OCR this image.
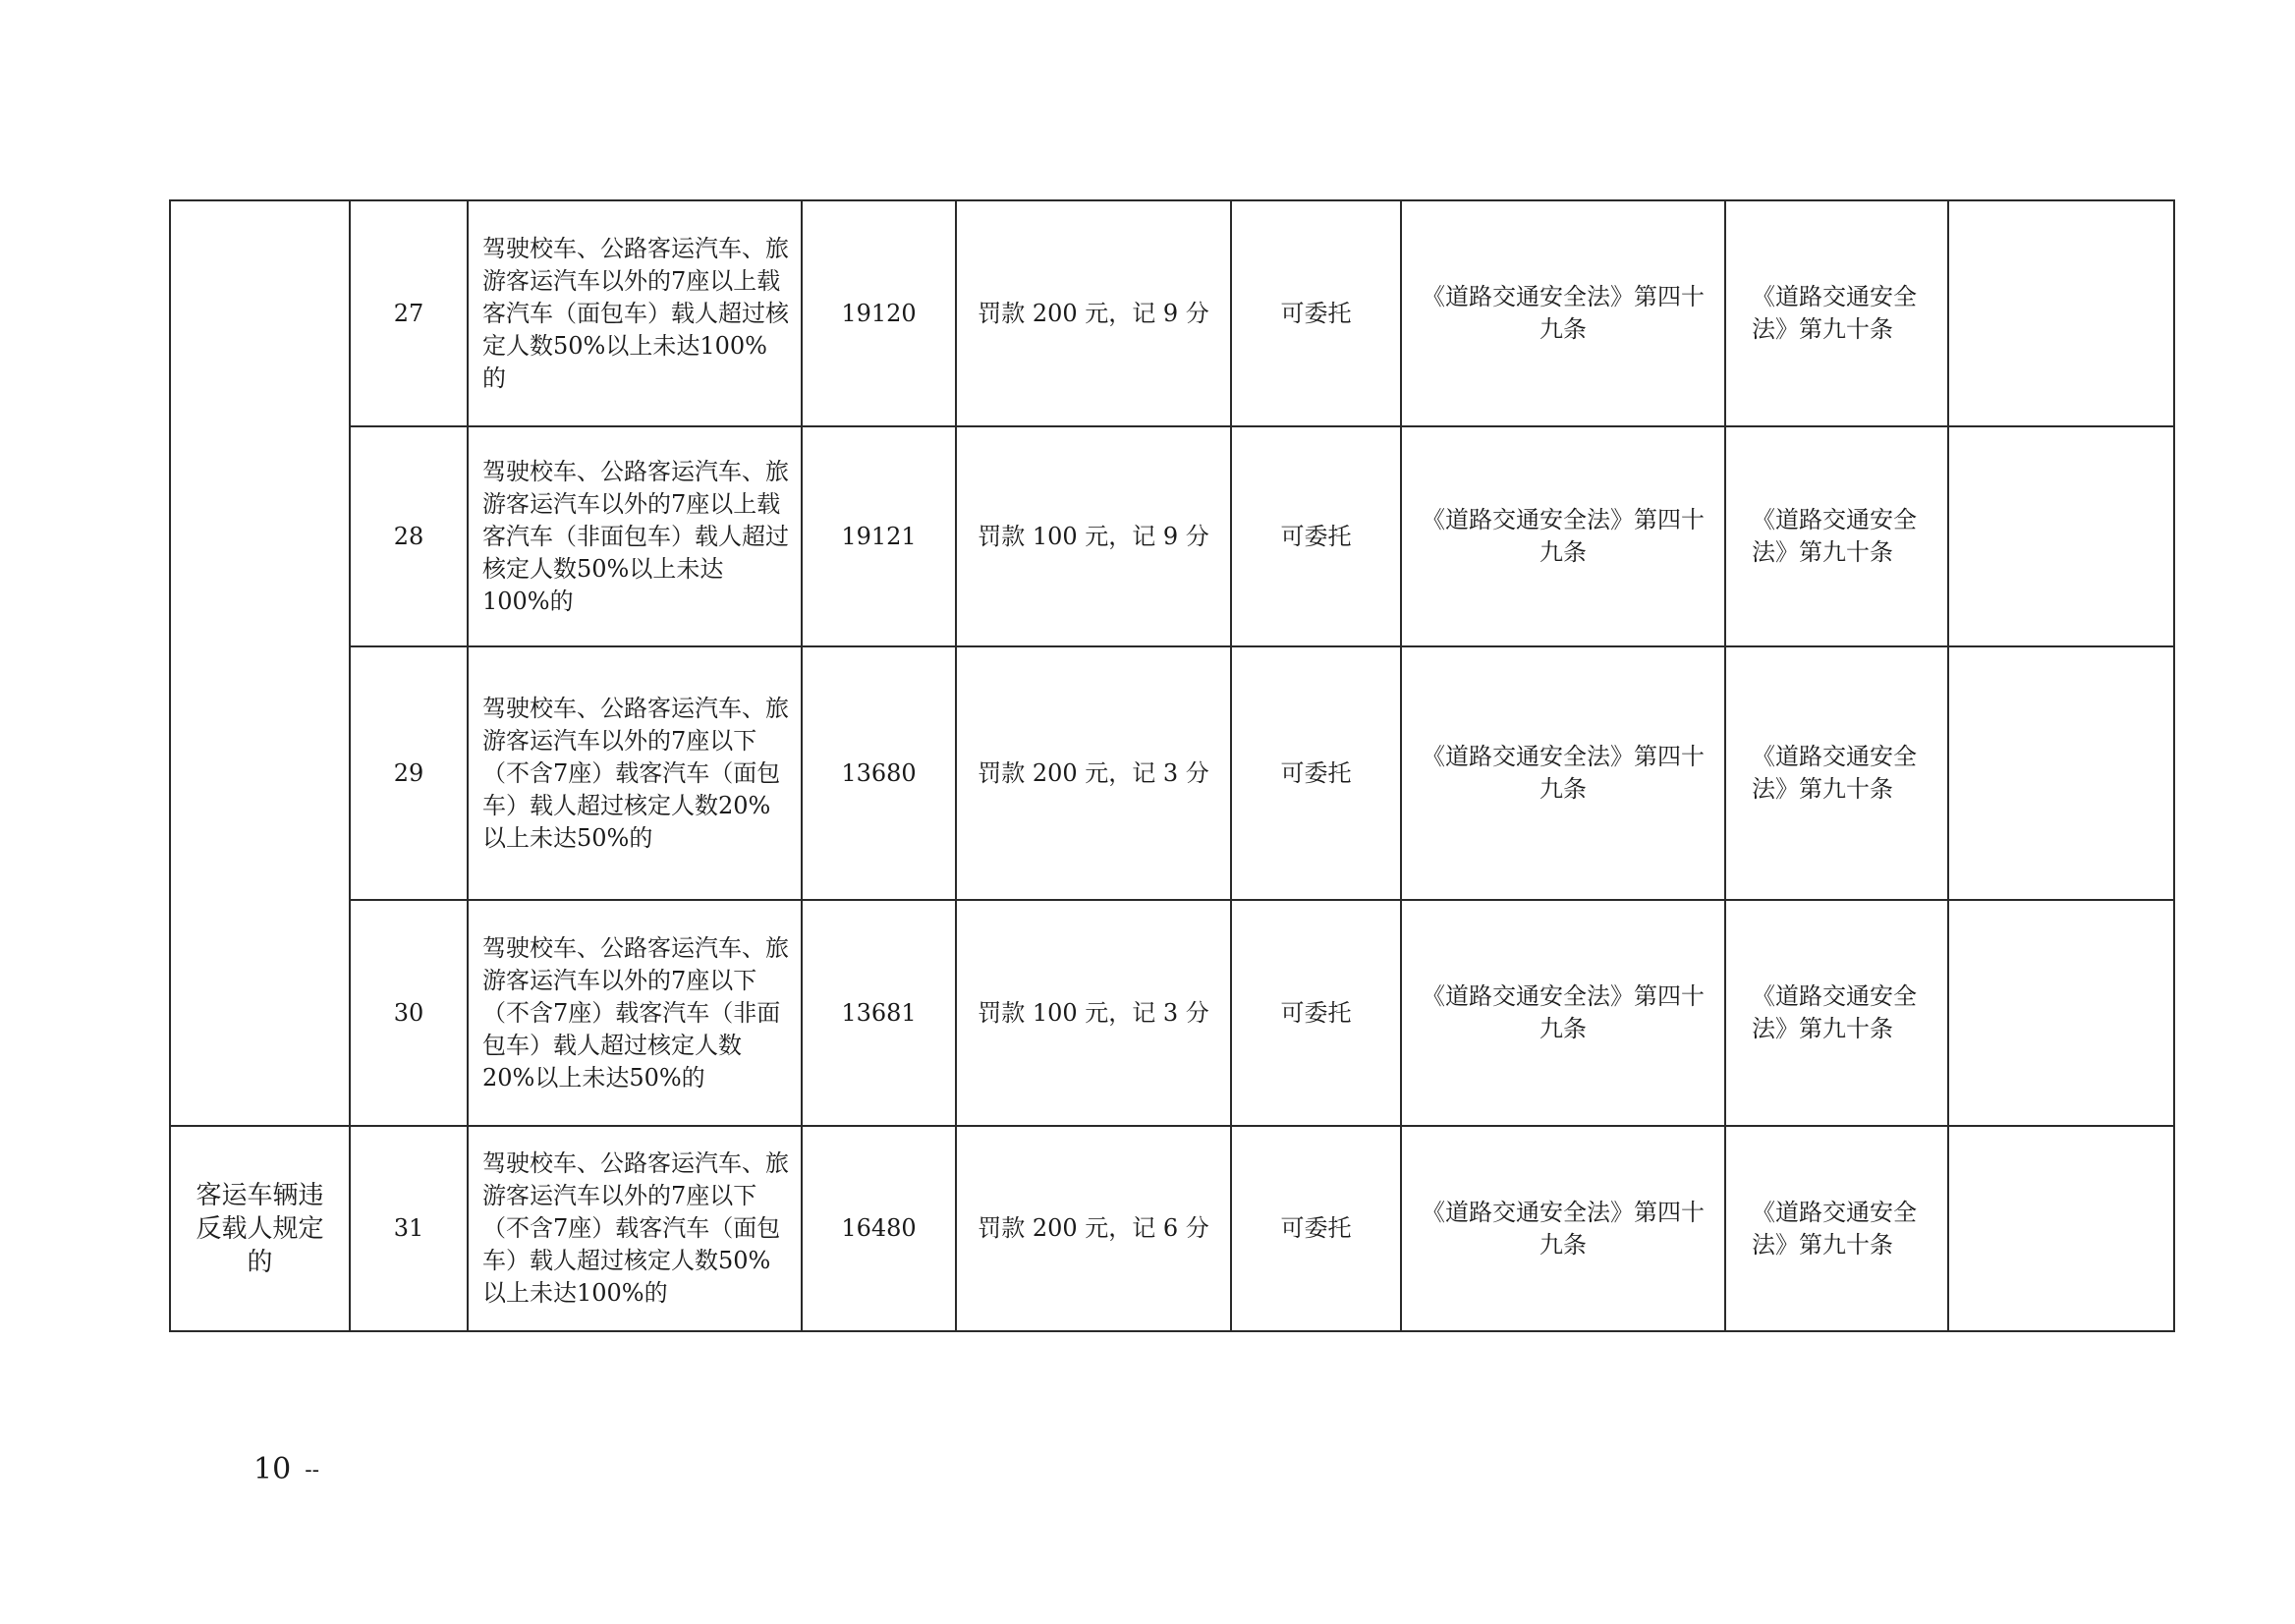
	27	驾驶校车、公路客运汽车、旅游客运汽车以外的7座以上载客汽车（面包车）载人超过核定人数50%以上未达100%的	19120	罚款 200 元，记 9 分	可委托	《道路交通安全法》第四十九条	《道路交通安全法》第九十条	
	28	驾驶校车、公路客运汽车、旅游客运汽车以外的7座以上载客汽车（非面包车）载人超过核定人数50%以上未达100%的	19121	罚款 100 元，记 9 分	可委托	《道路交通安全法》第四十九条	《道路交通安全法》第九十条	
	29	驾驶校车、公路客运汽车、旅游客运汽车以外的7座以下（不含7座）载客汽车（面包车）载人超过核定人数20%以上未达50%的	13680	罚款 200 元，记 3 分	可委托	《道路交通安全法》第四十九条	《道路交通安全法》第九十条	
	30	驾驶校车、公路客运汽车、旅游客运汽车以外的7座以下（不含7座）载客汽车（非面包车）载人超过核定人数20%以上未达50%的	13681	罚款 100 元，记 3 分	可委托	《道路交通安全法》第四十九条	《道路交通安全法》第九十条	
客运车辆违反载人规定的	31	驾驶校车、公路客运汽车、旅游客运汽车以外的7座以下（不含7座）载客汽车（面包车）载人超过核定人数50%以上未达100%的	16480	罚款 200 元，记 6 分	可委托	《道路交通安全法》第四十九条	《道路交通安全法》第九十条	
10 --
